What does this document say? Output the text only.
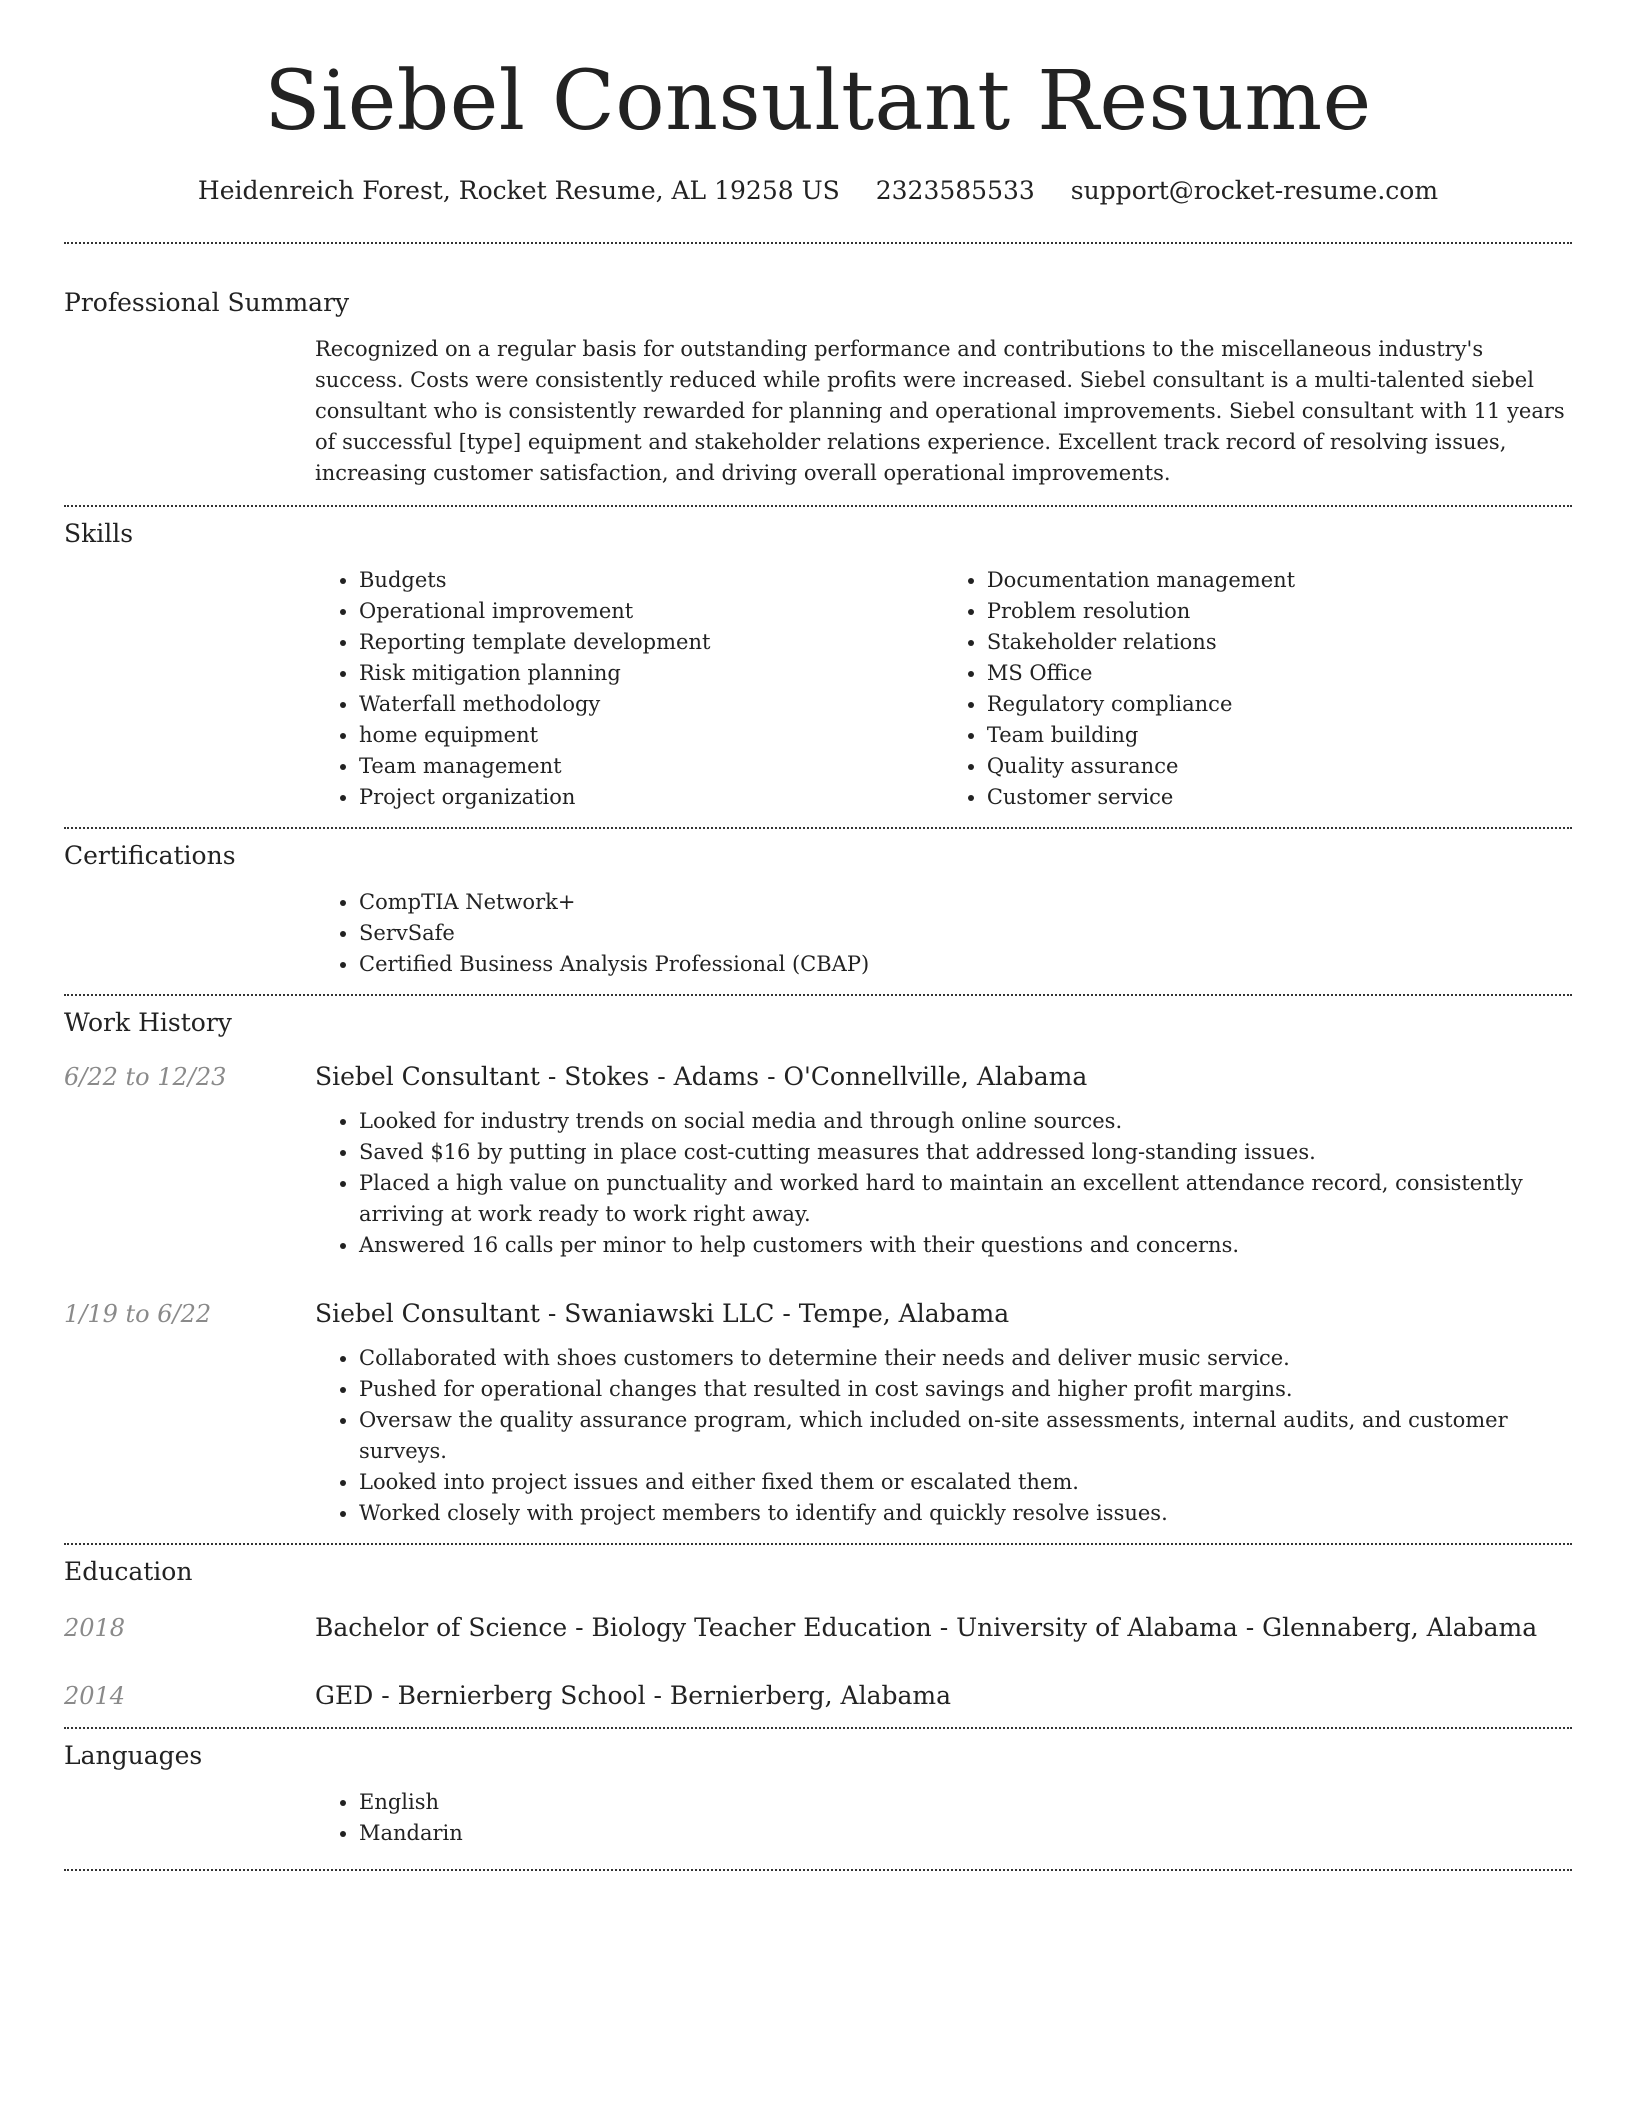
Siebel Consultant Resume
Heidenreich Forest, Rocket Resume, AL 19258 US 2323585533 support@rocket-resume.com
Professional Summary

Recognized on a regular basis for outstanding performance and contributions to the miscellaneous industry's success. Costs were consistently reduced while profits were increased. Siebel consultant is a multi-talented siebel consultant who is consistently rewarded for planning and operational improvements. Siebel consultant with 11 years of successful [type] equipment and stakeholder relations experience. Excellent track record of resolving issues, increasing customer satisfaction, and driving overall operational improvements.

Skills
• Budgets
• Operational improvement
• Reporting template development
• Risk mitigation planning
• Waterfall methodology
• home equipment
• Team management
• Project organization
• Documentation management
• Problem resolution
• Stakeholder relations
• MS Office
• Regulatory compliance
• Team building
• Quality assurance
• Customer service
Certifications
• CompTIA Network+
• ServSafe
• Certified Business Analysis Professional (CBAP)
Work History
6/22 to 12/23	Siebel Consultant - Stokes - Adams - O'Connellville, Alabama
• Looked for industry trends on social media and through online sources.
• Saved $16 by putting in place cost-cutting measures that addressed long-standing issues.
• Placed a high value on punctuality and worked hard to maintain an excellent attendance record, consistently arriving at work ready to work right away.
• Answered 16 calls per minor to help customers with their questions and concerns.
1/19 to 6/22	Siebel Consultant - Swaniawski LLC - Tempe, Alabama
• Collaborated with shoes customers to determine their needs and deliver music service.
• Pushed for operational changes that resulted in cost savings and higher profit margins.
• Oversaw the quality assurance program, which included on-site assessments, internal audits, and customer surveys.
• Looked into project issues and either fixed them or escalated them.
• Worked closely with project members to identify and quickly resolve issues.
Education
2018	Bachelor of Science - Biology Teacher Education - University of Alabama - Glennaberg, Alabama
2014	GED - Bernierberg School - Bernierberg, Alabama
Languages
• English
• Mandarin
